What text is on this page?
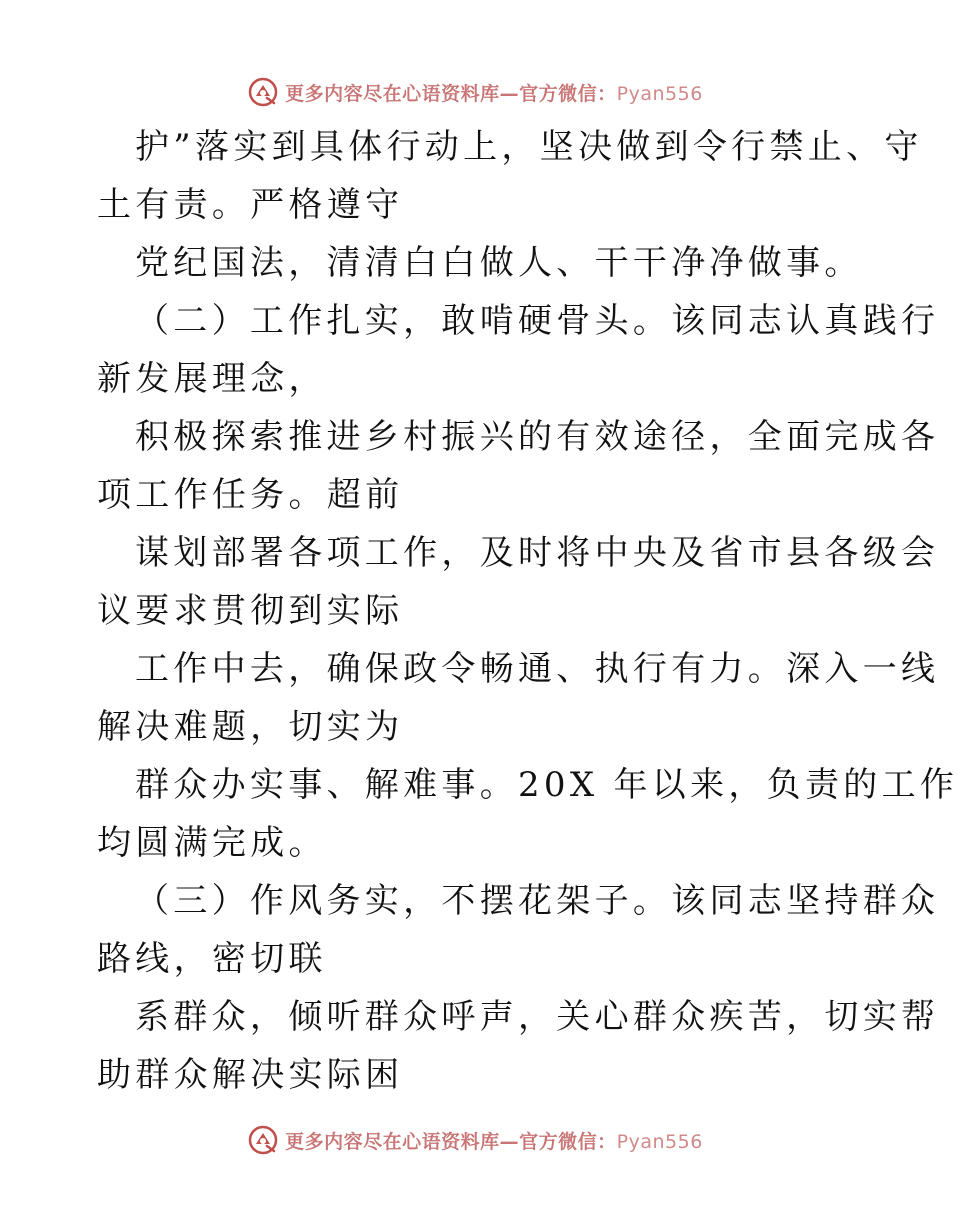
更多内容尽在心语资料库—官方微信：Pyan556
护”落实到具体行动上，坚决做到令行禁止、守
土有责。严格遵守
党纪国法，清清白白做人、干干净净做事。
（二）工作扎实，敢啃硬骨头。该同志认真践行
新发展理念，
积极探索推进乡村振兴的有效途径，全面完成各
项工作任务。超前
谋划部署各项工作，及时将中央及省市县各级会
议要求贯彻到实际
工作中去，确保政令畅通、执行有力。深入一线
解决难题，切实为
群众办实事、解难事。20X 年以来，负责的工作
均圆满完成。
（三）作风务实，不摆花架子。该同志坚持群众
路线，密切联
系群众，倾听群众呼声，关心群众疾苦，切实帮
助群众解决实际困
更多内容尽在心语资料库—官方微信：Pyan556
